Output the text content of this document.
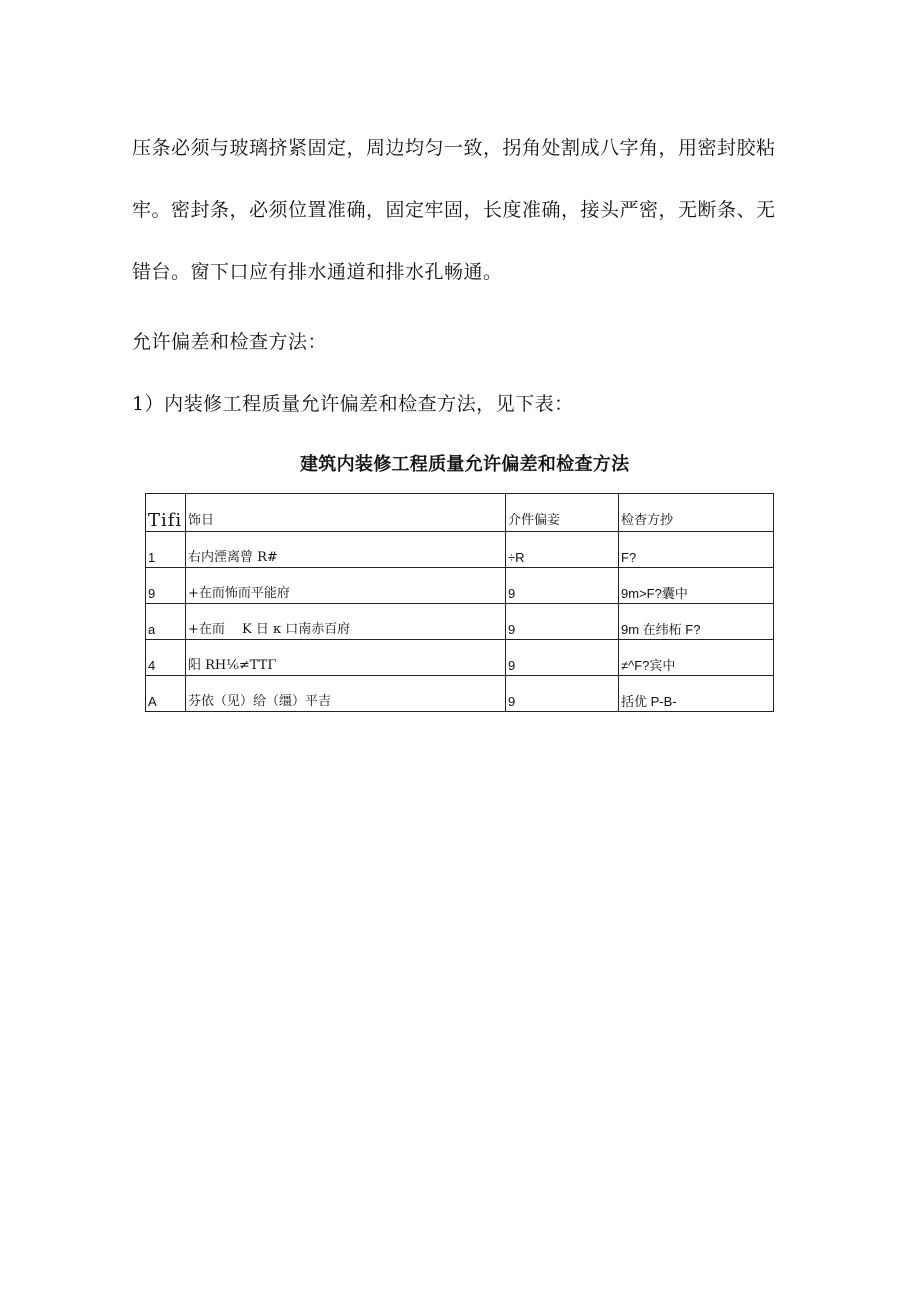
压条必须与玻璃挤紧固定，周边均匀一致，拐角处割成八字角，用密封胶粘

牢。密封条，必须位置准确，固定牢固，长度准确，接头严密，无断条、无

错台。窗下口应有排水通道和排水孔畅通。

允许偏差和检查方法：

1）内装修工程质量允许偏差和检查方法，见下表：

建筑内装修工程质量允许偏差和检查方法
Tifi	饰日	介件偏妾	检杳方抄
1	右内湮离曾 R#	÷R	F?
9	+在而怖而平能府	9	9m>F?囊中
a	+在而　 K 日 κ 口南赤百府	9	9m 在纬柘 F?
4	阳 RH⅙≠TTΓ	9	≠^F?宾中
A	芬依（见）给（缰）平吉	9	括优 P-B-
